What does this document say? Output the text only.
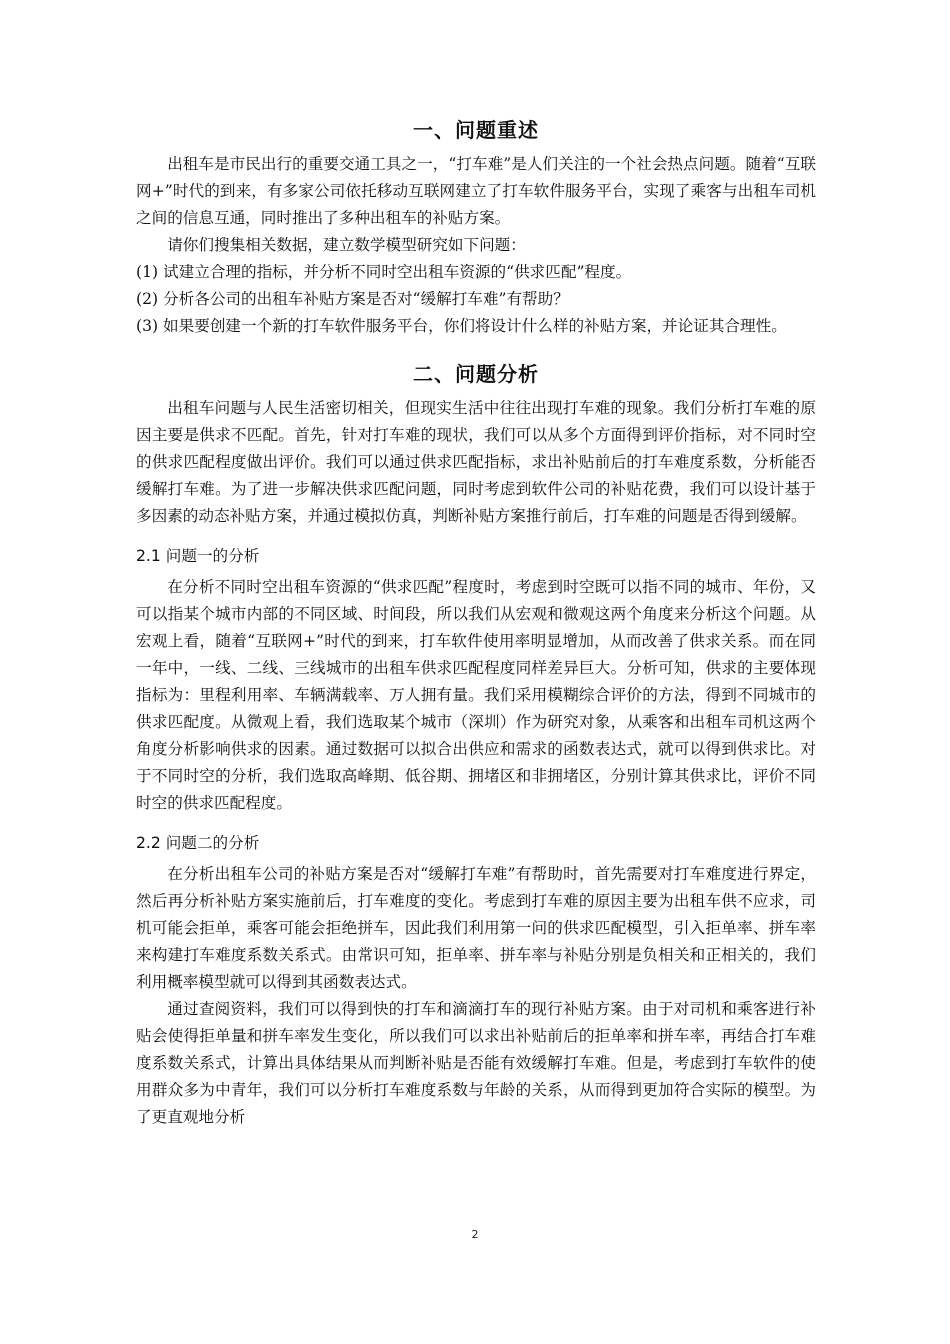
一、问题重述

出租车是市民出行的重要交通工具之一，“打车难”是人们关注的一个社会热点问题。随着“互联网+”时代的到来，有多家公司依托移动互联网建立了打车软件服务平台，实现了乘客与出租车司机之间的信息互通，同时推出了多种出租车的补贴方案。

请你们搜集相关数据，建立数学模型研究如下问题：

(1) 试建立合理的指标，并分析不同时空出租车资源的“供求匹配”程度。

(2) 分析各公司的出租车补贴方案是否对“缓解打车难”有帮助？

(3) 如果要创建一个新的打车软件服务平台，你们将设计什么样的补贴方案，并论证其合理性。

二、问题分析

出租车问题与人民生活密切相关，但现实生活中往往出现打车难的现象。我们分析打车难的原因主要是供求不匹配。首先，针对打车难的现状，我们可以从多个方面得到评价指标，对不同时空的供求匹配程度做出评价。我们可以通过供求匹配指标，求出补贴前后的打车难度系数，分析能否缓解打车难。为了进一步解决供求匹配问题，同时考虑到软件公司的补贴花费，我们可以设计基于多因素的动态补贴方案，并通过模拟仿真，判断补贴方案推行前后，打车难的问题是否得到缓解。

2.1 问题一的分析

在分析不同时空出租车资源的“供求匹配”程度时，考虑到时空既可以指不同的城市、年份，又可以指某个城市内部的不同区域、时间段，所以我们从宏观和微观这两个角度来分析这个问题。从宏观上看，随着“互联网+”时代的到来，打车软件使用率明显增加，从而改善了供求关系。而在同一年中，一线、二线、三线城市的出租车供求匹配程度同样差异巨大。分析可知，供求的主要体现指标为：里程利用率、车辆满载率、万人拥有量。我们采用模糊综合评价的方法，得到不同城市的供求匹配度。从微观上看，我们选取某个城市（深圳）作为研究对象，从乘客和出租车司机这两个角度分析影响供求的因素。通过数据可以拟合出供应和需求的函数表达式，就可以得到供求比。对于不同时空的分析，我们选取高峰期、低谷期、拥堵区和非拥堵区，分别计算其供求比，评价不同时空的供求匹配程度。

2.2 问题二的分析

在分析出租车公司的补贴方案是否对“缓解打车难”有帮助时，首先需要对打车难度进行界定，然后再分析补贴方案实施前后，打车难度的变化。考虑到打车难的原因主要为出租车供不应求，司机可能会拒单，乘客可能会拒绝拼车，因此我们利用第一问的供求匹配模型，引入拒单率、拼车率来构建打车难度系数关系式。由常识可知，拒单率、拼车率与补贴分别是负相关和正相关的，我们利用概率模型就可以得到其函数表达式。

通过查阅资料，我们可以得到快的打车和滴滴打车的现行补贴方案。由于对司机和乘客进行补贴会使得拒单量和拼车率发生变化，所以我们可以求出补贴前后的拒单率和拼车率，再结合打车难度系数关系式，计算出具体结果从而判断补贴是否能有效缓解打车难。但是，考虑到打车软件的使用群众多为中青年，我们可以分析打车难度系数与年龄的关系，从而得到更加符合实际的模型。为了更直观地分析

2
